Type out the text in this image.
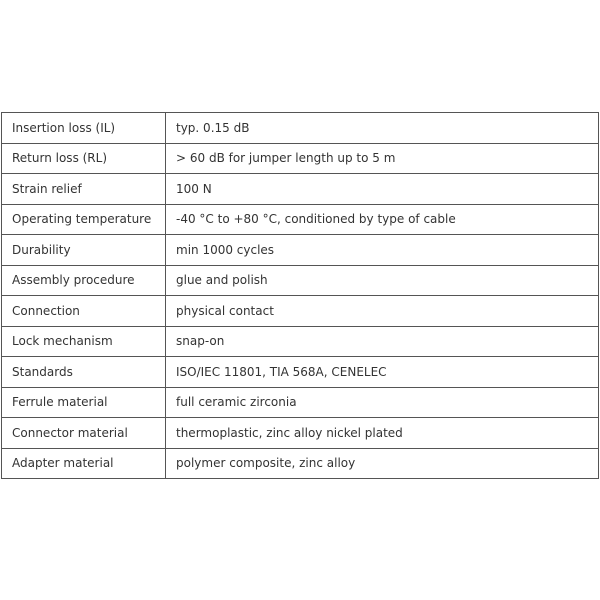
Insertion loss (IL)	typ. 0.15 dB
Return loss (RL)	> 60 dB for jumper length up to 5 m
Strain relief	100 N
Operating temperature	-40 °C to +80 °C, conditioned by type of cable
Durability	min 1000 cycles
Assembly procedure	glue and polish
Connection	physical contact
Lock mechanism	snap-on
Standards	ISO/IEC 11801, TIA 568A, CENELEC
Ferrule material	full ceramic zirconia
Connector material	thermoplastic, zinc alloy nickel plated
Adapter material	polymer composite, zinc alloy
